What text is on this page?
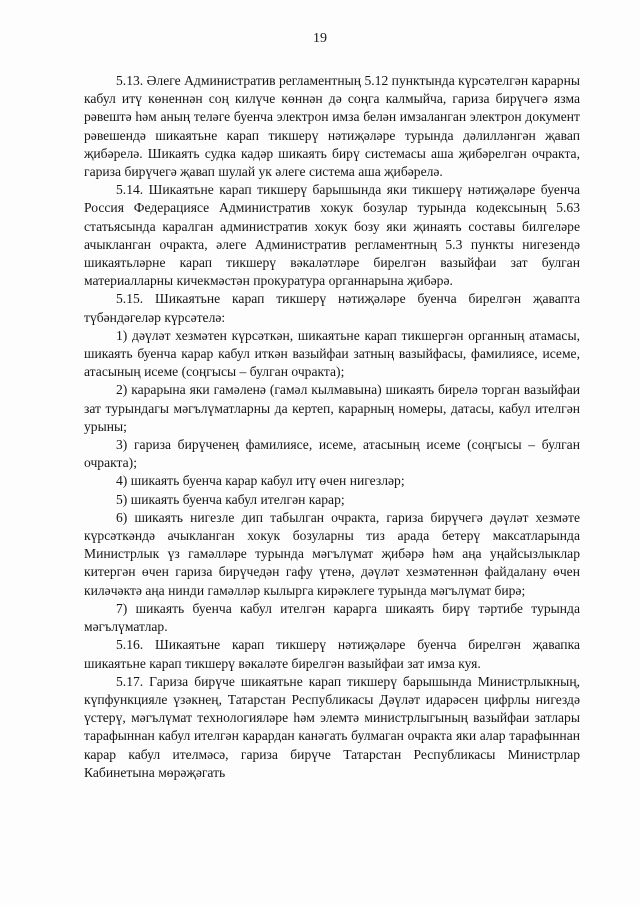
19

5.13. Әлеге Административ регламентның 5.12 пунктында күрсәтелгән карарны кабул итү көненнән соң килүче көннән дә соңга калмыйча, гариза бирүчегә язма рәвештә һәм аның теләге буенча электрон имза белән имзаланган электрон документ рәвешендә шикаятьне карап тикшерү нәтиҗәләре турында дәлилләнгән җавап җибәрелә. Шикаять судка кадәр шикаять бирү системасы аша җибәрелгән очракта, гариза бирүчегә җавап шулай ук әлеге система аша җибәрелә.

5.14. Шикаятьне карап тикшерү барышында яки тикшерү нәтиҗәләре буенча Россия Федерациясе Административ хокук бозулар турында кодексының 5.63 статьясында каралган административ хокук бозу яки җинаять составы билгеләре ачыкланган очракта, әлеге Административ регламентның 5.3 пункты нигезендә шикаятьләрне карап тикшерү вәкаләтләре бирелгән вазыйфаи зат булган материалларны кичекмәстән прокуратура органнарына җибәрә.

5.15. Шикаятьне карап тикшерү нәтиҗәләре буенча бирелгән җавапта түбәндәгеләр күрсәтелә:

1) дәүләт хезмәтен күрсәткән, шикаятьне карап тикшергән органның атамасы, шикаять буенча карар кабул иткән вазыйфаи затның вазыйфасы, фамилиясе, исеме, атасының исеме (соңгысы – булган очракта);

2) карарына яки гамәленә (гамәл кылмавына) шикаять бирелә торган вазыйфаи зат турындагы мәгълүматларны да кертеп, карарның номеры, датасы, кабул ителгән урыны;

3) гариза бирүченең фамилиясе, исеме, атасының исеме (соңгысы – булган очракта);

4) шикаять буенча карар кабул итү өчен нигезләр;

5) шикаять буенча кабул ителгән карар;

6) шикаять нигезле дип табылган очракта, гариза бирүчегә дәүләт хезмәте күрсәткәндә ачыкланган хокук бозуларны тиз арада бетерү максатларында Министрлык үз гамәлләре турында мәгълүмат җибәрә һәм аңа уңайсызлыклар китергән өчен гариза бирүчедән гафу үтенә, дәүләт хезмәтеннән файдалану өчен киләчәктә аңа нинди гамәлләр кылырга кирәклеге турында мәгълүмат бирә;

7) шикаять буенча кабул ителгән карарга шикаять бирү тәртибе турында мәгълүматлар.

5.16. Шикаятьне карап тикшерү нәтиҗәләре буенча бирелгән җавапка шикаятьне карап тикшерү вәкаләте бирелгән вазыйфаи зат имза куя.

5.17. Гариза бирүче шикаятьне карап тикшерү барышында Министрлыкның, күпфункцияле үзәкнең, Татарстан Республикасы Дәүләт идарәсен цифрлы нигездә үстерү, мәгълүмат технологияләре һәм элемтә министрлыгының вазыйфаи затлары тарафыннан кабул ителгән карардан канәгать булмаган очракта яки алар тарафыннан карар кабул ителмәсә, гариза бирүче Татарстан Республикасы Министрлар Кабинетына мөрәҗәгать
